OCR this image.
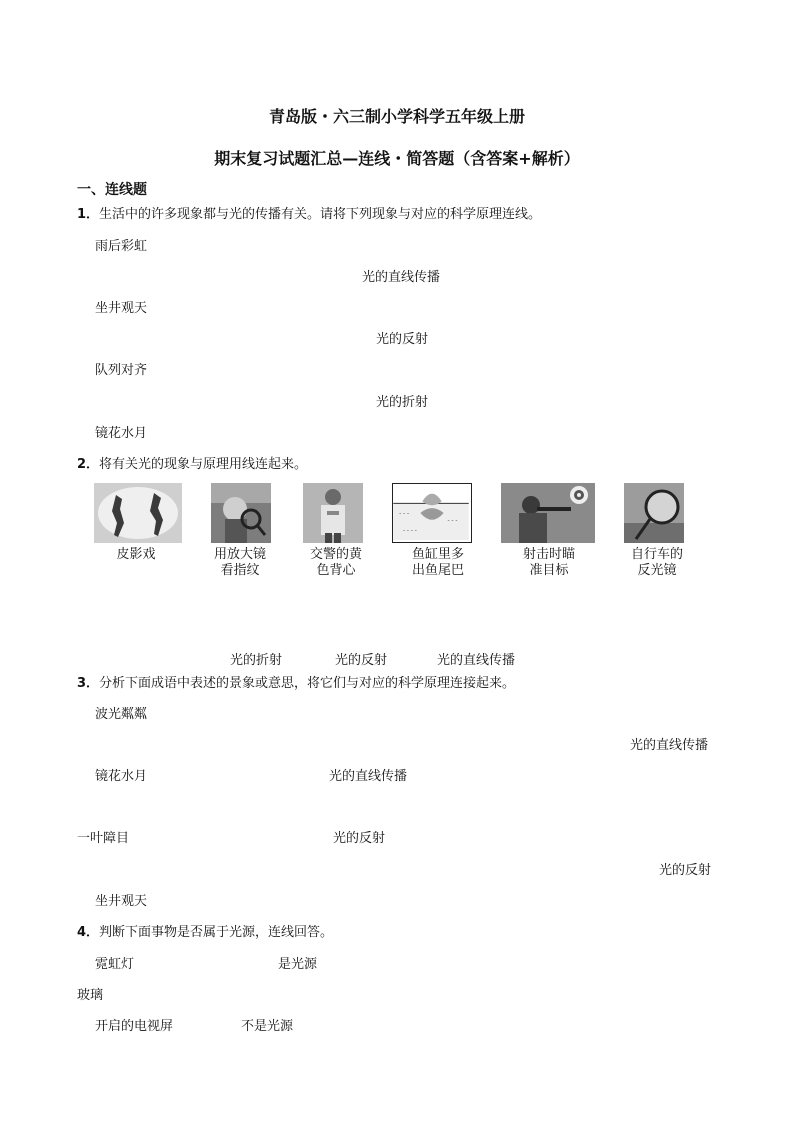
青岛版・六三制小学科学五年级上册
期末复习试题汇总—连线・简答题（含答案+解析）
一、连线题
1．生活中的许多现象都与光的传播有关。请将下列现象与对应的科学原理连线。
雨后彩虹
坐井观天
队列对齐
镜花水月
光的直线传播
光的反射
光的折射
2．将有关光的现象与原理用线连起来。
- - -
- - -
- - - -
皮影戏	用放大镜
看指纹
交警的黄
色背心
鱼缸里多
出鱼尾巴
射击时瞄
准目标
自行车的
反光镜
光的折射	光的反射	光的直线传播
3．分析下面成语中表述的景象或意思，将它们与对应的科学原理连接起来。
波光粼粼
镜花水月
一叶障目
坐井观天
光的直线传播
光的直线传播
光的反射
光的反射
4．判断下面事物是否属于光源，连线回答。
霓虹灯
玻璃
开启的电视屏
是光源
不是光源
